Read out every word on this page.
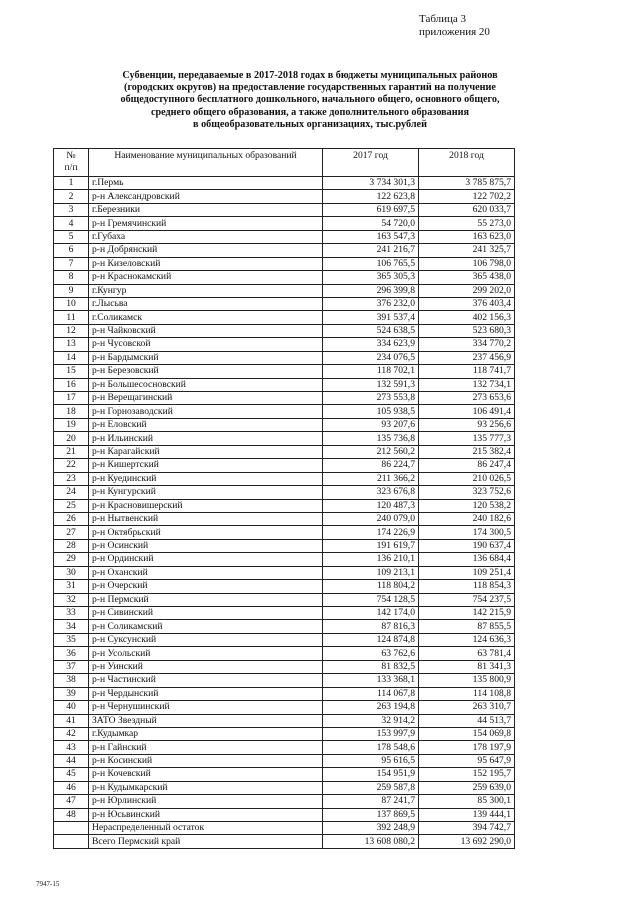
Таблица 3
приложения 20
Субвенции, передаваемые в 2017-2018 годах в бюджеты муниципальных районов
(городских округов) на предоставление государственных гарантий на получение
общедоступного бесплатного дошкольного, начального общего, основного общего,
среднего общего образования, а также дополнительного образования
в общеобразовательных организациях, тыс.рублей
№
п/п	Наименование муниципальных образований	2017 год	2018 год
1	г.Пермь	3 734 301,3	3 785 875,7
2	р-н Александровский	122 623,8	122 702,2
3	г.Березники	619 697,5	620 033,7
4	р-н Гремячинский	54 720,0	55 273,0
5	г.Губаха	163 547,3	163 623,0
6	р-н Добрянский	241 216,7	241 325,7
7	р-н Кизеловский	106 765,5	106 798,0
8	р-н Краснокамский	365 305,3	365 438,0
9	г.Кунгур	296 399,8	299 202,0
10	г.Лысьва	376 232,0	376 403,4
11	г.Соликамск	391 537,4	402 156,3
12	р-н Чайковский	524 638,5	523 680,3
13	р-н Чусовской	334 623,9	334 770,2
14	р-н Бардымский	234 076,5	237 456,9
15	р-н Березовский	118 702,1	118 741,7
16	р-н Большесосновский	132 591,3	132 734,1
17	р-н Верещагинский	273 553,8	273 653,6
18	р-н Горнозаводский	105 938,5	106 491,4
19	р-н Еловский	93 207,6	93 256,6
20	р-н Ильинский	135 736,8	135 777,3
21	р-н Карагайский	212 560,2	215 382,4
22	р-н Кишертский	86 224,7	86 247,4
23	р-н Куединский	211 366,2	210 026,5
24	р-н Кунгурский	323 676,8	323 752,6
25	р-н Красновишерский	120 487,3	120 538,2
26	р-н Нытвенский	240 079,0	240 182,6
27	р-н Октябрьский	174 226,9	174 300,5
28	р-н Осинский	191 619,7	190 637,4
29	р-н Ординский	136 210,1	136 684,4
30	р-н Оханский	109 213,1	109 251,4
31	р-н Очерский	118 804,2	118 854,3
32	р-н Пермский	754 128,5	754 237,5
33	р-н Сивинский	142 174,0	142 215,9
34	р-н Соликамский	87 816,3	87 855,5
35	р-н Суксунский	124 874,8	124 636,3
36	р-н Усольский	63 762,6	63 781,4
37	р-н Уинский	81 832,5	81 341,3
38	р-н Частинский	133 368,1	135 800,9
39	р-н Чердынский	114 067,8	114 108,8
40	р-н Чернушинский	263 194,8	263 310,7
41	ЗАТО Звездный	32 914,2	44 513,7
42	г.Кудымкар	153 997,9	154 069,8
43	р-н Гайнский	178 548,6	178 197,9
44	р-н Косинский	95 616,5	95 647,9
45	р-н Кочевский	154 951,9	152 195,7
46	р-н Кудымкарский	259 587,8	259 639,0
47	р-н Юрлинский	87 241,7	85 300,1
48	р-н Юсьвинский	137 869,5	139 444,1
	Нераспределенный остаток	392 248,9	394 742,7
	Всего Пермский край	13 608 080,2	13 692 290,0
7947-15
